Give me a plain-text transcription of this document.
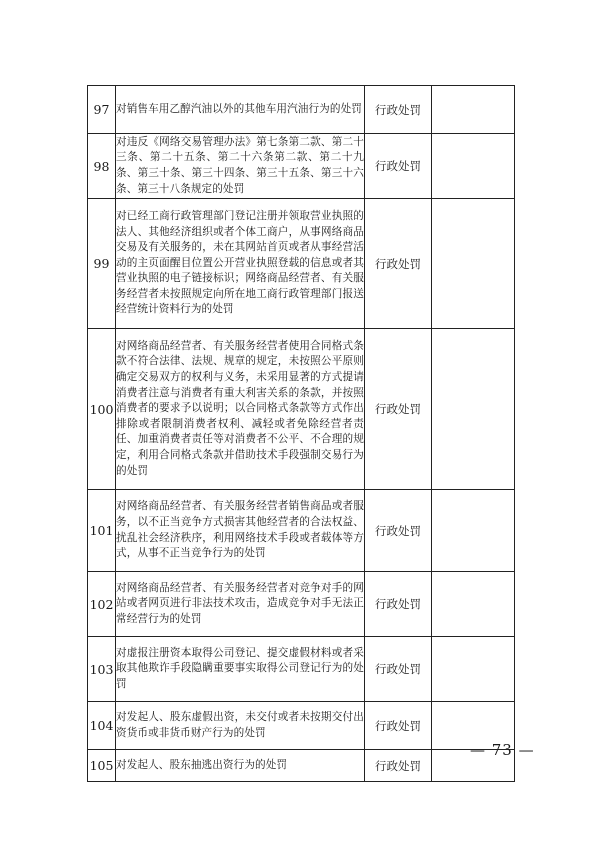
97	对销售车用乙醇汽油以外的其他车用汽油行为的处罚	行政处罚	
98	对违反《网络交易管理办法》第七条第二款、第二十三条、第二十五条、第二十六条第二款、第二十九条、第三十条、第三十四条、第三十五条、第三十六条、第三十八条规定的处罚	行政处罚	
99	对已经工商行政管理部门登记注册并领取营业执照的法人、其他经济组织或者个体工商户，从事网络商品交易及有关服务的，未在其网站首页或者从事经营活动的主页面醒目位置公开营业执照登载的信息或者其营业执照的电子链接标识；网络商品经营者、有关服务经营者未按照规定向所在地工商行政管理部门报送经营统计资料行为的处罚	行政处罚	
100	对网络商品经营者、有关服务经营者使用合同格式条款不符合法律、法规、规章的规定，未按照公平原则确定交易双方的权利与义务，未采用显著的方式提请消费者注意与消费者有重大利害关系的条款，并按照消费者的要求予以说明；以合同格式条款等方式作出排除或者限制消费者权利、减轻或者免除经营者责任、加重消费者责任等对消费者不公平、不合理的规定，利用合同格式条款并借助技术手段强制交易行为的处罚	行政处罚	
101	对网络商品经营者、有关服务经营者销售商品或者服务，以不正当竞争方式损害其他经营者的合法权益、扰乱社会经济秩序，利用网络技术手段或者载体等方式，从事不正当竞争行为的处罚	行政处罚	
102	对网络商品经营者、有关服务经营者对竞争对手的网站或者网页进行非法技术攻击，造成竞争对手无法正常经营行为的处罚	行政处罚	
103	对虚报注册资本取得公司登记、提交虚假材料或者采取其他欺诈手段隐瞒重要事实取得公司登记行为的处罚	行政处罚	
104	对发起人、股东虚假出资，未交付或者未按期交付出资货币或非货币财产行为的处罚	行政处罚	
105	对发起人、股东抽逃出资行为的处罚	行政处罚	
— 73 —
